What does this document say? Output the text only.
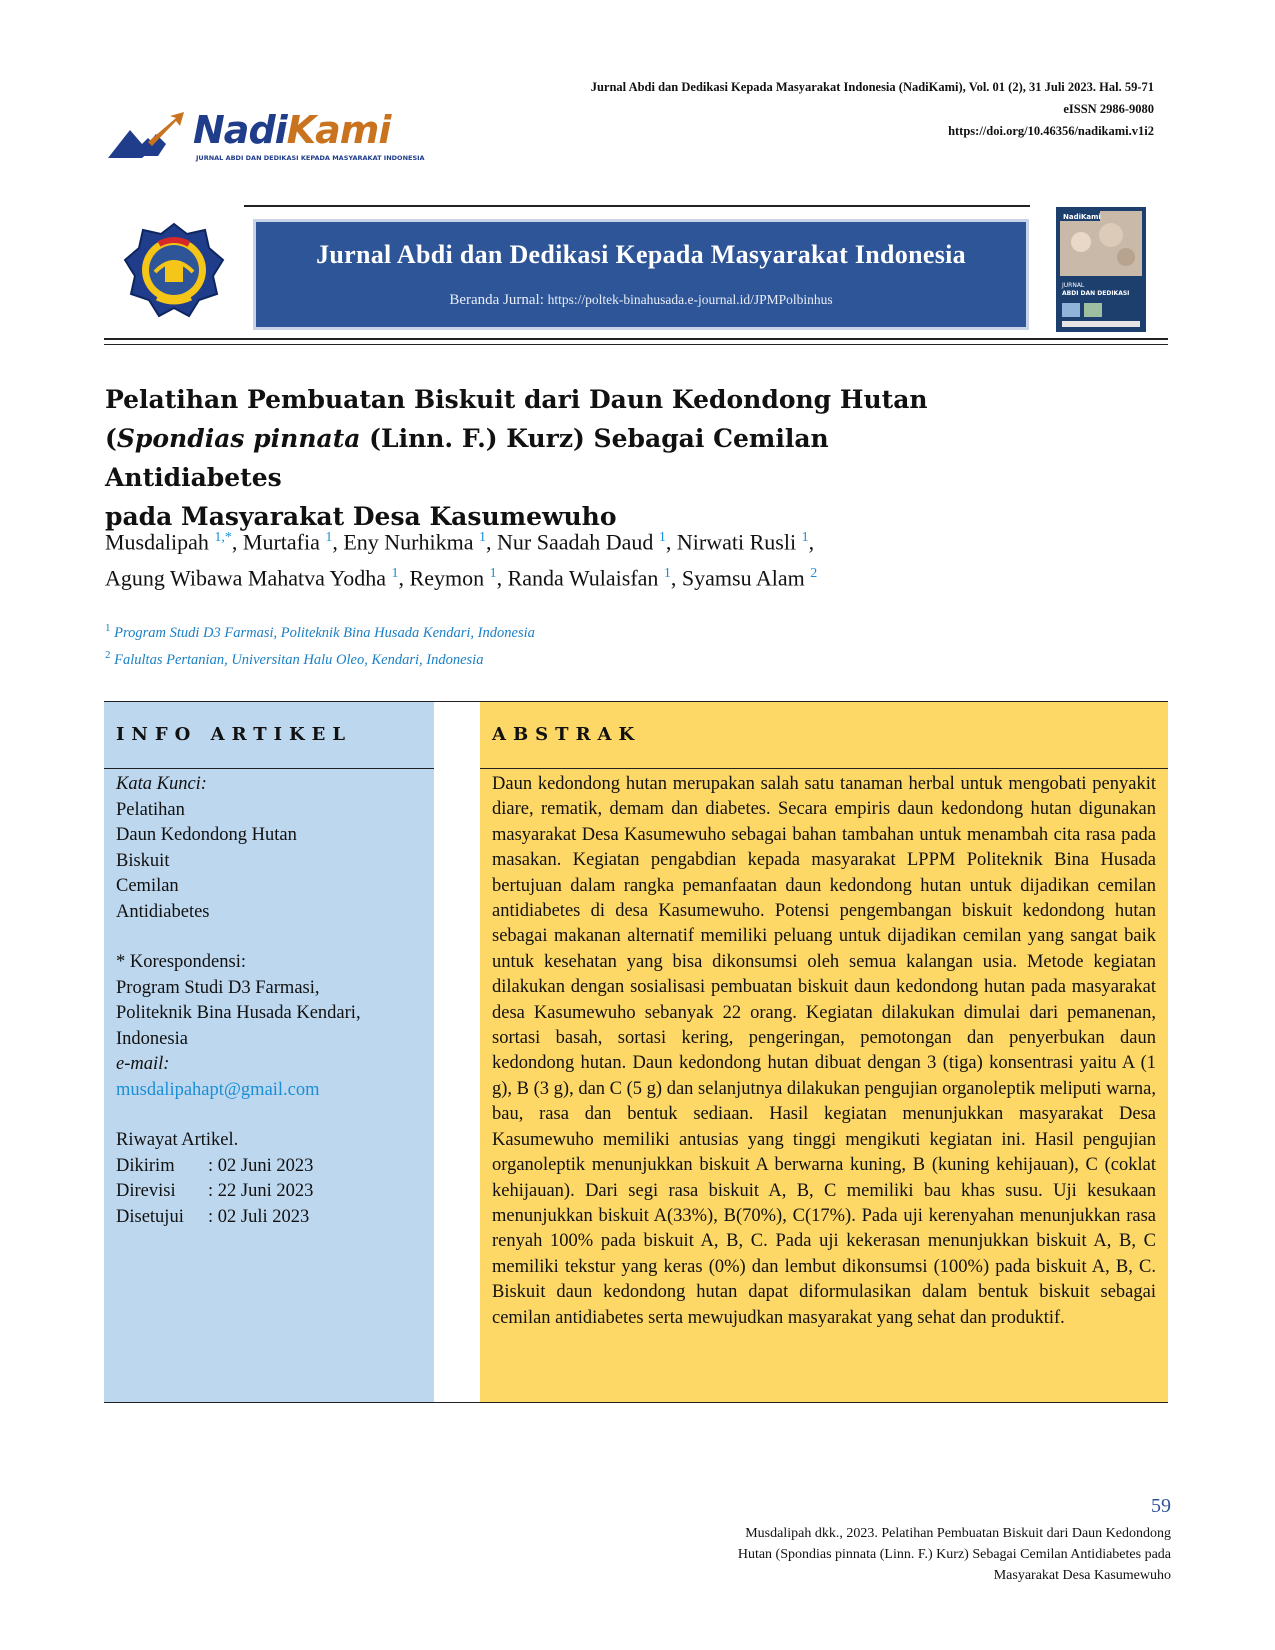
Jurnal Abdi dan Dedikasi Kepada Masyarakat Indonesia (NadiKami), Vol. 01 (2), 31 Juli 2023. Hal. 59-71
eISSN 2986-9080
https://doi.org/10.46356/nadikami.v1i2
NadiKami
JURNAL ABDI DAN DEDIKASI KEPADA MASYARAKAT INDONESIA
Jurnal Abdi dan Dedikasi Kepada Masyarakat Indonesia
Beranda Jurnal: https://poltek-binahusada.e-journal.id/JPMPolbinhus
NadiKami
JURNAL
ABDI DAN DEDIKASI
Pelatihan Pembuatan Biskuit dari Daun Kedondong Hutan
(Spondias pinnata (Linn. F.) Kurz) Sebagai Cemilan Antidiabetes
pada Masyarakat Desa Kasumewuho
Musdalipah $^{1,*}$, Murtafia $^1$, Eny Nurhikma $^1$, Nur Saadah Daud $^1$, Nirwati Rusli $^1$,
Agung Wibawa Mahatva Yodha $^1$, Reymon $^1$, Randa Wulaisfan $^1$, Syamsu Alam $^2$
$^1$ Program Studi D3 Farmasi, Politeknik Bina Husada Kendari, Indonesia
$^2$ Falultas Pertanian, Universitan Halu Oleo, Kendari, Indonesia
INFO ARTIKEL	ABSTRAK
Kata Kunci:
Pelatihan
Daun Kedondong Hutan
Biskuit
Cemilan
Antidiabetes
* Korespondensi:
Program Studi D3 Farmasi,
Politeknik Bina Husada Kendari,
Indonesia
e-mail:
musdalipahapt@gmail.com
Riwayat Artikel.
Dikirim	: 02 Juni 2023
Direvisi	: 22 Juni 2023
Disetujui	: 02 Juli 2023
Daun kedondong hutan merupakan salah satu tanaman herbal untuk mengobati penyakit diare, rematik, demam dan diabetes. Secara empiris daun kedondong hutan digunakan masyarakat Desa Kasumewuho sebagai bahan tambahan untuk menambah cita rasa pada masakan. Kegiatan pengabdian kepada masyarakat LPPM Politeknik Bina Husada bertujuan dalam rangka pemanfaatan daun kedondong hutan untuk dijadikan cemilan antidiabetes di desa Kasumewuho. Potensi pengembangan biskuit kedondong hutan sebagai makanan alternatif memiliki peluang untuk dijadikan cemilan yang sangat baik untuk kesehatan yang bisa dikonsumsi oleh semua kalangan usia. Metode kegiatan dilakukan dengan sosialisasi pembuatan biskuit daun kedondong hutan pada masyarakat desa Kasumewuho sebanyak 22 orang. Kegiatan dilakukan dimulai dari pemanenan, sortasi basah, sortasi kering, pengeringan, pemotongan dan penyerbukan daun kedondong hutan. Daun kedondong hutan dibuat dengan 3 (tiga) konsentrasi yaitu A (1 g), B (3 g), dan C (5 g) dan selanjutnya dilakukan pengujian organoleptik meliputi warna, bau, rasa dan bentuk sediaan. Hasil kegiatan menunjukkan masyarakat Desa Kasumewuho memiliki antusias yang tinggi mengikuti kegiatan ini. Hasil pengujian organoleptik menunjukkan biskuit A berwarna kuning, B (kuning kehijauan), C (coklat kehijauan). Dari segi rasa biskuit A, B, C memiliki bau khas susu. Uji kesukaan menunjukkan biskuit A(33%), B(70%), C(17%). Pada uji kerenyahan menunjukkan rasa renyah 100% pada biskuit A, B, C. Pada uji kekerasan menunjukkan biskuit A, B, C memiliki tekstur yang keras (0%) dan lembut dikonsumsi (100%) pada biskuit A, B, C. Biskuit daun kedondong hutan dapat diformulasikan dalam bentuk biskuit sebagai cemilan antidiabetes serta mewujudkan masyarakat yang sehat dan produktif.
59
Musdalipah dkk., 2023. Pelatihan Pembuatan Biskuit dari Daun Kedondong
Hutan (Spondias pinnata (Linn. F.) Kurz) Sebagai Cemilan Antidiabetes pada
Masyarakat Desa Kasumewuho
